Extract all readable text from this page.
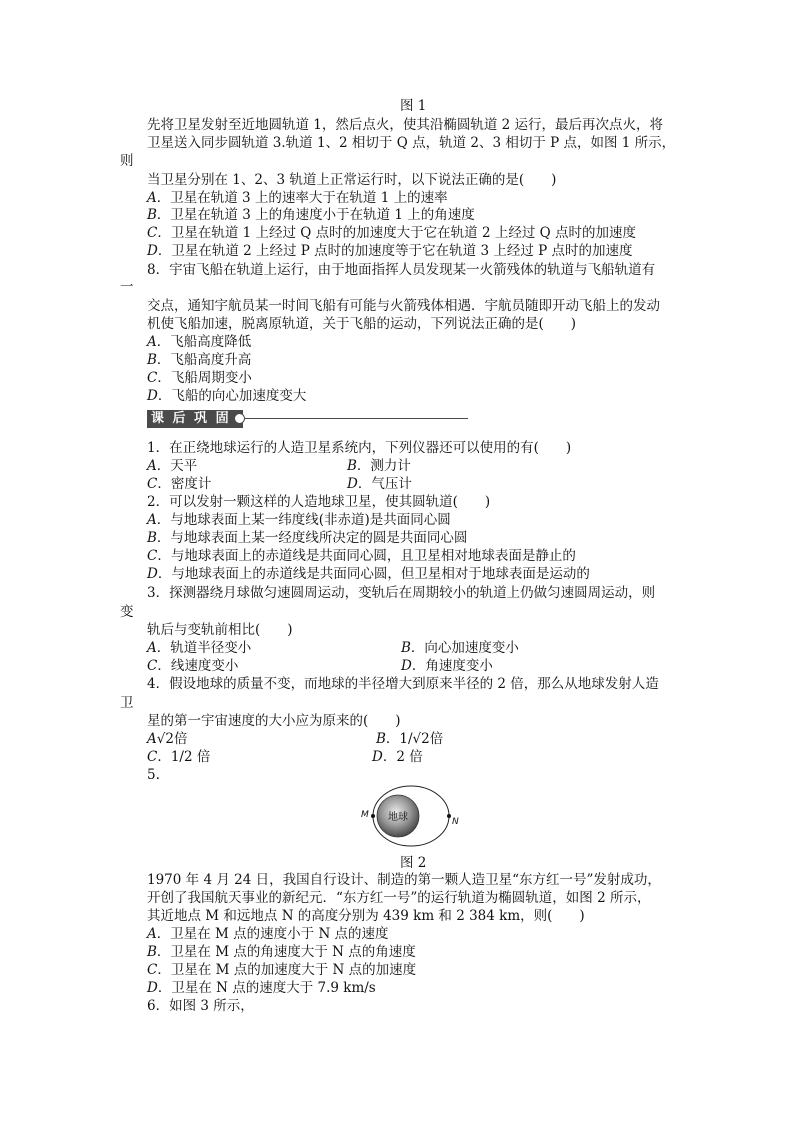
图 1
先将卫星发射至近地圆轨道 1，然后点火，使其沿椭圆轨道 2 运行，最后再次点火，将
卫星送入同步圆轨道 3.轨道 1、2 相切于 Q 点，轨道 2、3 相切于 P 点，如图 1 所示，
则
当卫星分别在 1、2、3 轨道上正常运行时，以下说法正确的是(　　)
A．卫星在轨道 3 上的速率大于在轨道 1 上的速率
B．卫星在轨道 3 上的角速度小于在轨道 1 上的角速度
C．卫星在轨道 1 上经过 Q 点时的加速度大于它在轨道 2 上经过 Q 点时的加速度
D．卫星在轨道 2 上经过 P 点时的加速度等于它在轨道 3 上经过 P 点时的加速度
8．宇宙飞船在轨道上运行，由于地面指挥人员发现某一火箭残体的轨道与飞船轨道有
一
交点，通知宇航员某一时间飞船有可能与火箭残体相遇．宇航员随即开动飞船上的发动
机使飞船加速，脱离原轨道，关于飞船的运动，下列说法正确的是(　　)
A．飞船高度降低
B．飞船高度升高
C．飞船周期变小
D．飞船的向心加速度变大
课 后 巩 固 练
1．在正绕地球运行的人造卫星系统内，下列仪器还可以使用的有(　　)
A．天平	B．测力计
C．密度计	D．气压计
2．可以发射一颗这样的人造地球卫星，使其圆轨道(　　)
A．与地球表面上某一纬度线(非赤道)是共面同心圆
B．与地球表面上某一经度线所决定的圆是共面同心圆
C．与地球表面上的赤道线是共面同心圆，且卫星相对地球表面是静止的
D．与地球表面上的赤道线是共面同心圆，但卫星相对于地球表面是运动的
3．探测器绕月球做匀速圆周运动，变轨后在周期较小的轨道上仍做匀速圆周运动，则
变
轨后与变轨前相比(　　)
A．轨道半径变小	B．向心加速度变小
C．线速度变小	D．角速度变小
4．假设地球的质量不变，而地球的半径增大到原来半径的 2 倍，那么从地球发射人造
卫
星的第一宇宙速度的大小应为原来的(　　)
A√2倍	B．1/√2倍
C．1/2 倍	D．2 倍
5.
地球
M
N
图 2
1970 年 4 月 24 日，我国自行设计、制造的第一颗人造卫星“东方红一号”发射成功，
开创了我国航天事业的新纪元．“东方红一号”的运行轨道为椭圆轨道，如图 2 所示，
其近地点 M 和远地点 N 的高度分别为 439 km 和 2 384 km，则(　　)
A．卫星在 M 点的速度小于 N 点的速度
B．卫星在 M 点的角速度大于 N 点的角速度
C．卫星在 M 点的加速度大于 N 点的加速度
D．卫星在 N 点的速度大于 7.9 km/s
6．如图 3 所示，
